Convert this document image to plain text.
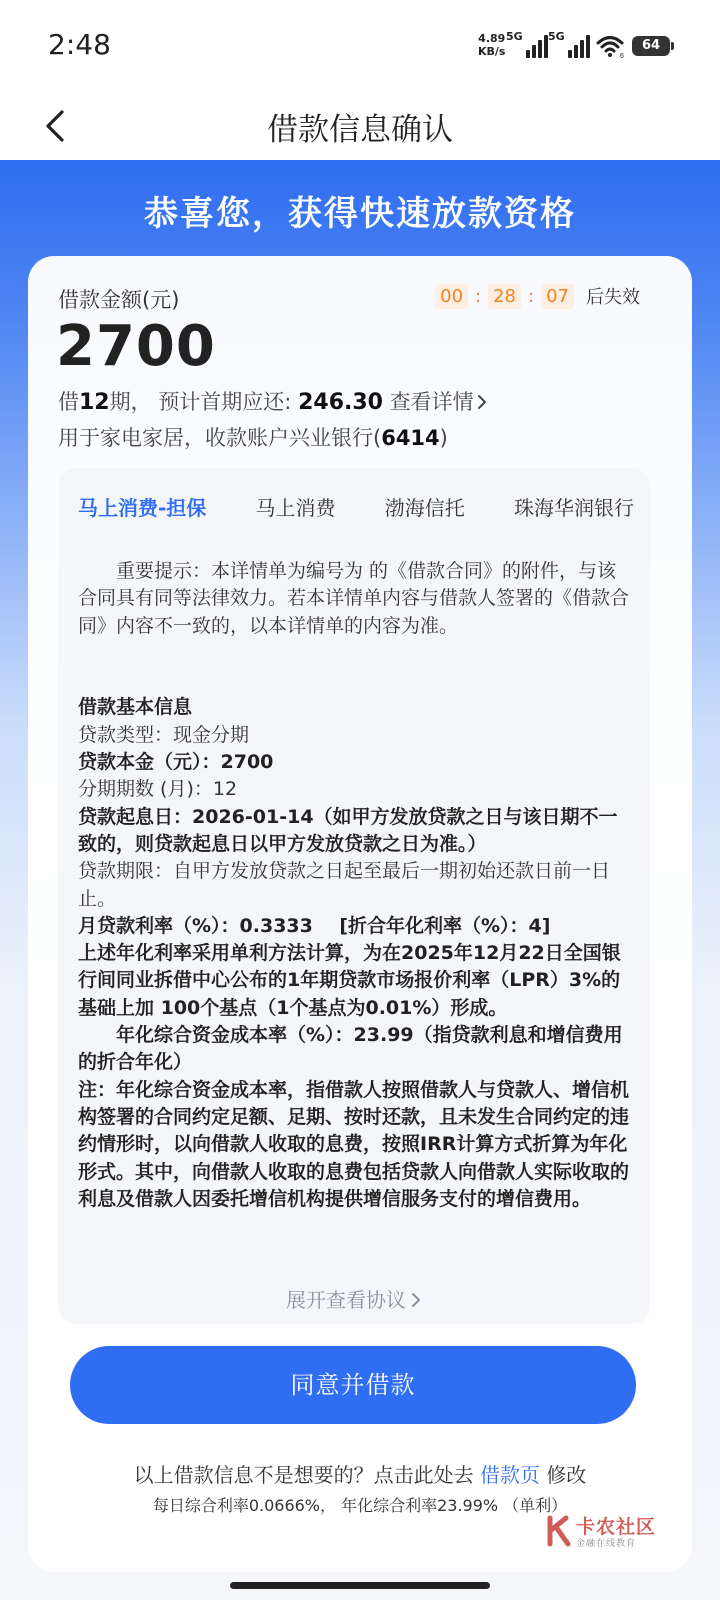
2:48	4.89
KB/s
5G 5G
6
64
借款信息确认
恭喜您，获得快速放款资格
借款金额(元)	00 : 28 : 07 后失效
2700
借12期， 预计首期应还: 246.30 查看详情
用于家电家居，收款账户兴业银行(6414)
马上消费-担保 马上消费 渤海信托 珠海华润银行

重要提示：本详情单为编号为 的《借款合同》的附件，与该合同具有同等法律效力。若本详情单内容与借款人签署的《借款合同》内容不一致的，以本详情单的内容为准。

借款基本信息

贷款类型：现金分期

贷款本金（元）：2700

分期期数 (月)：12

贷款起息日：2026-01-14（如甲方发放贷款之日与该日期不一致的，则贷款起息日以甲方发放贷款之日为准。）

贷款期限：自甲方发放贷款之日起至最后一期初始还款日前一日止。

月贷款利率（%）：0.3333    [折合年化利率（%）：4]

上述年化利率采用单利方法计算，为在2025年12月22日全国银行间同业拆借中心公布的1年期贷款市场报价利率（LPR）3%的基础上加 100个基点（1个基点为0.01%）形成。

年化综合资金成本率（%）：23.99（指贷款利息和增信费用的折合年化）

注：年化综合资金成本率，指借款人按照借款人与贷款人、增信机构签署的合同约定足额、足期、按时还款，且未发生合同约定的违约情形时，以向借款人收取的息费，按照IRR计算方式折算为年化形式。其中，向借款人收取的息费包括贷款人向借款人实际收取的利息及借款人因委托增信机构提供增信服务支付的增信费用。

展开查看协议
同意并借款
以上借款信息不是想要的？点击此处去 借款页 修改
每日综合利率0.0666%， 年化综合利率23.99% （单利）
卡农社区
金融在线教育
